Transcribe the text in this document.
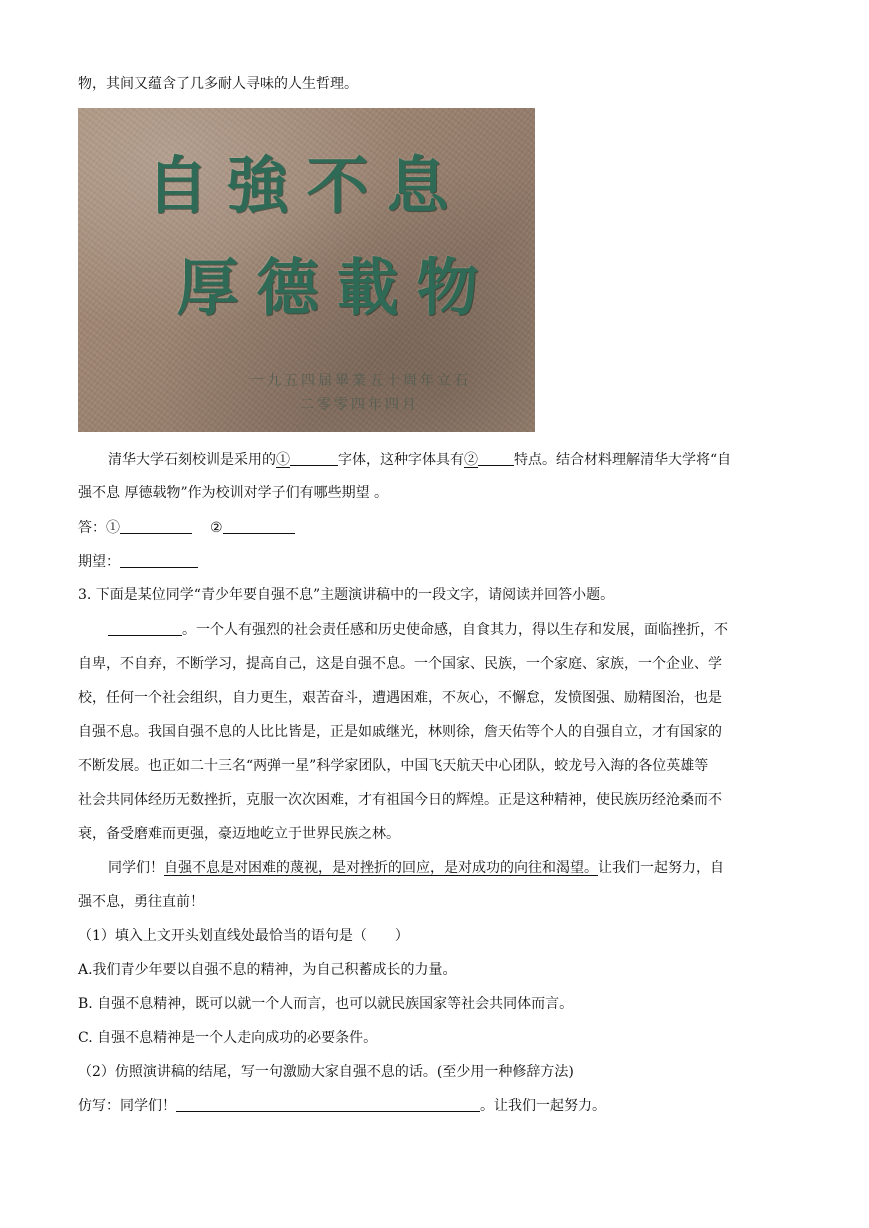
物，其间又蕴含了几多耐人寻味的人生哲理。
自強不息
厚德載物
一九五四届畢業五十周年立石
二零零四年四月
清华大学石刻校训是采用的①	字体，这种字体具有②	特点。结合材料理解清华大学将“自
强不息 厚德载物”作为校训对学子们有哪些期望 。
答：①	②
期望：
3. 下面是某位同学“青少年要自强不息”主题演讲稿中的一段文字，请阅读并回答小题。
。一个人有强烈的社会责任感和历史使命感，自食其力，得以生存和发展，面临挫折，不
自卑，不自弃，不断学习，提高自己，这是自强不息。一个国家、民族，一个家庭、家族，一个企业、学
校，任何一个社会组织，自力更生，艰苦奋斗，遭遇困难，不灰心，不懈怠，发愤图强、励精图治，也是
自强不息。我国自强不息的人比比皆是，正是如戚继光，林则徐，詹天佑等个人的自强自立，才有国家的
不断发展。也正如二十三名“两弹一星”科学家团队，中国飞天航天中心团队，蛟龙号入海的各位英雄等
社会共同体经历无数挫折，克服一次次困难，才有祖国今日的辉煌。正是这种精神，使民族历经沧桑而不
衰，备受磨难而更强，豪迈地屹立于世界民族之林。
同学们！自强不息是对困难的蔑视，是对挫折的回应，是对成功的向往和渴望。让我们一起努力，自
强不息，勇往直前！
（1）填入上文开头划直线处最恰当的语句是（　　）
A.我们青少年要以自强不息的精神，为自己积蓄成长的力量。
B. 自强不息精神，既可以就一个人而言，也可以就民族国家等社会共同体而言。
C. 自强不息精神是一个人走向成功的必要条件。
（2）仿照演讲稿的结尾，写一句激励大家自强不息的话。(至少用一种修辞方法)
仿写：同学们！	。让我们一起努力。
